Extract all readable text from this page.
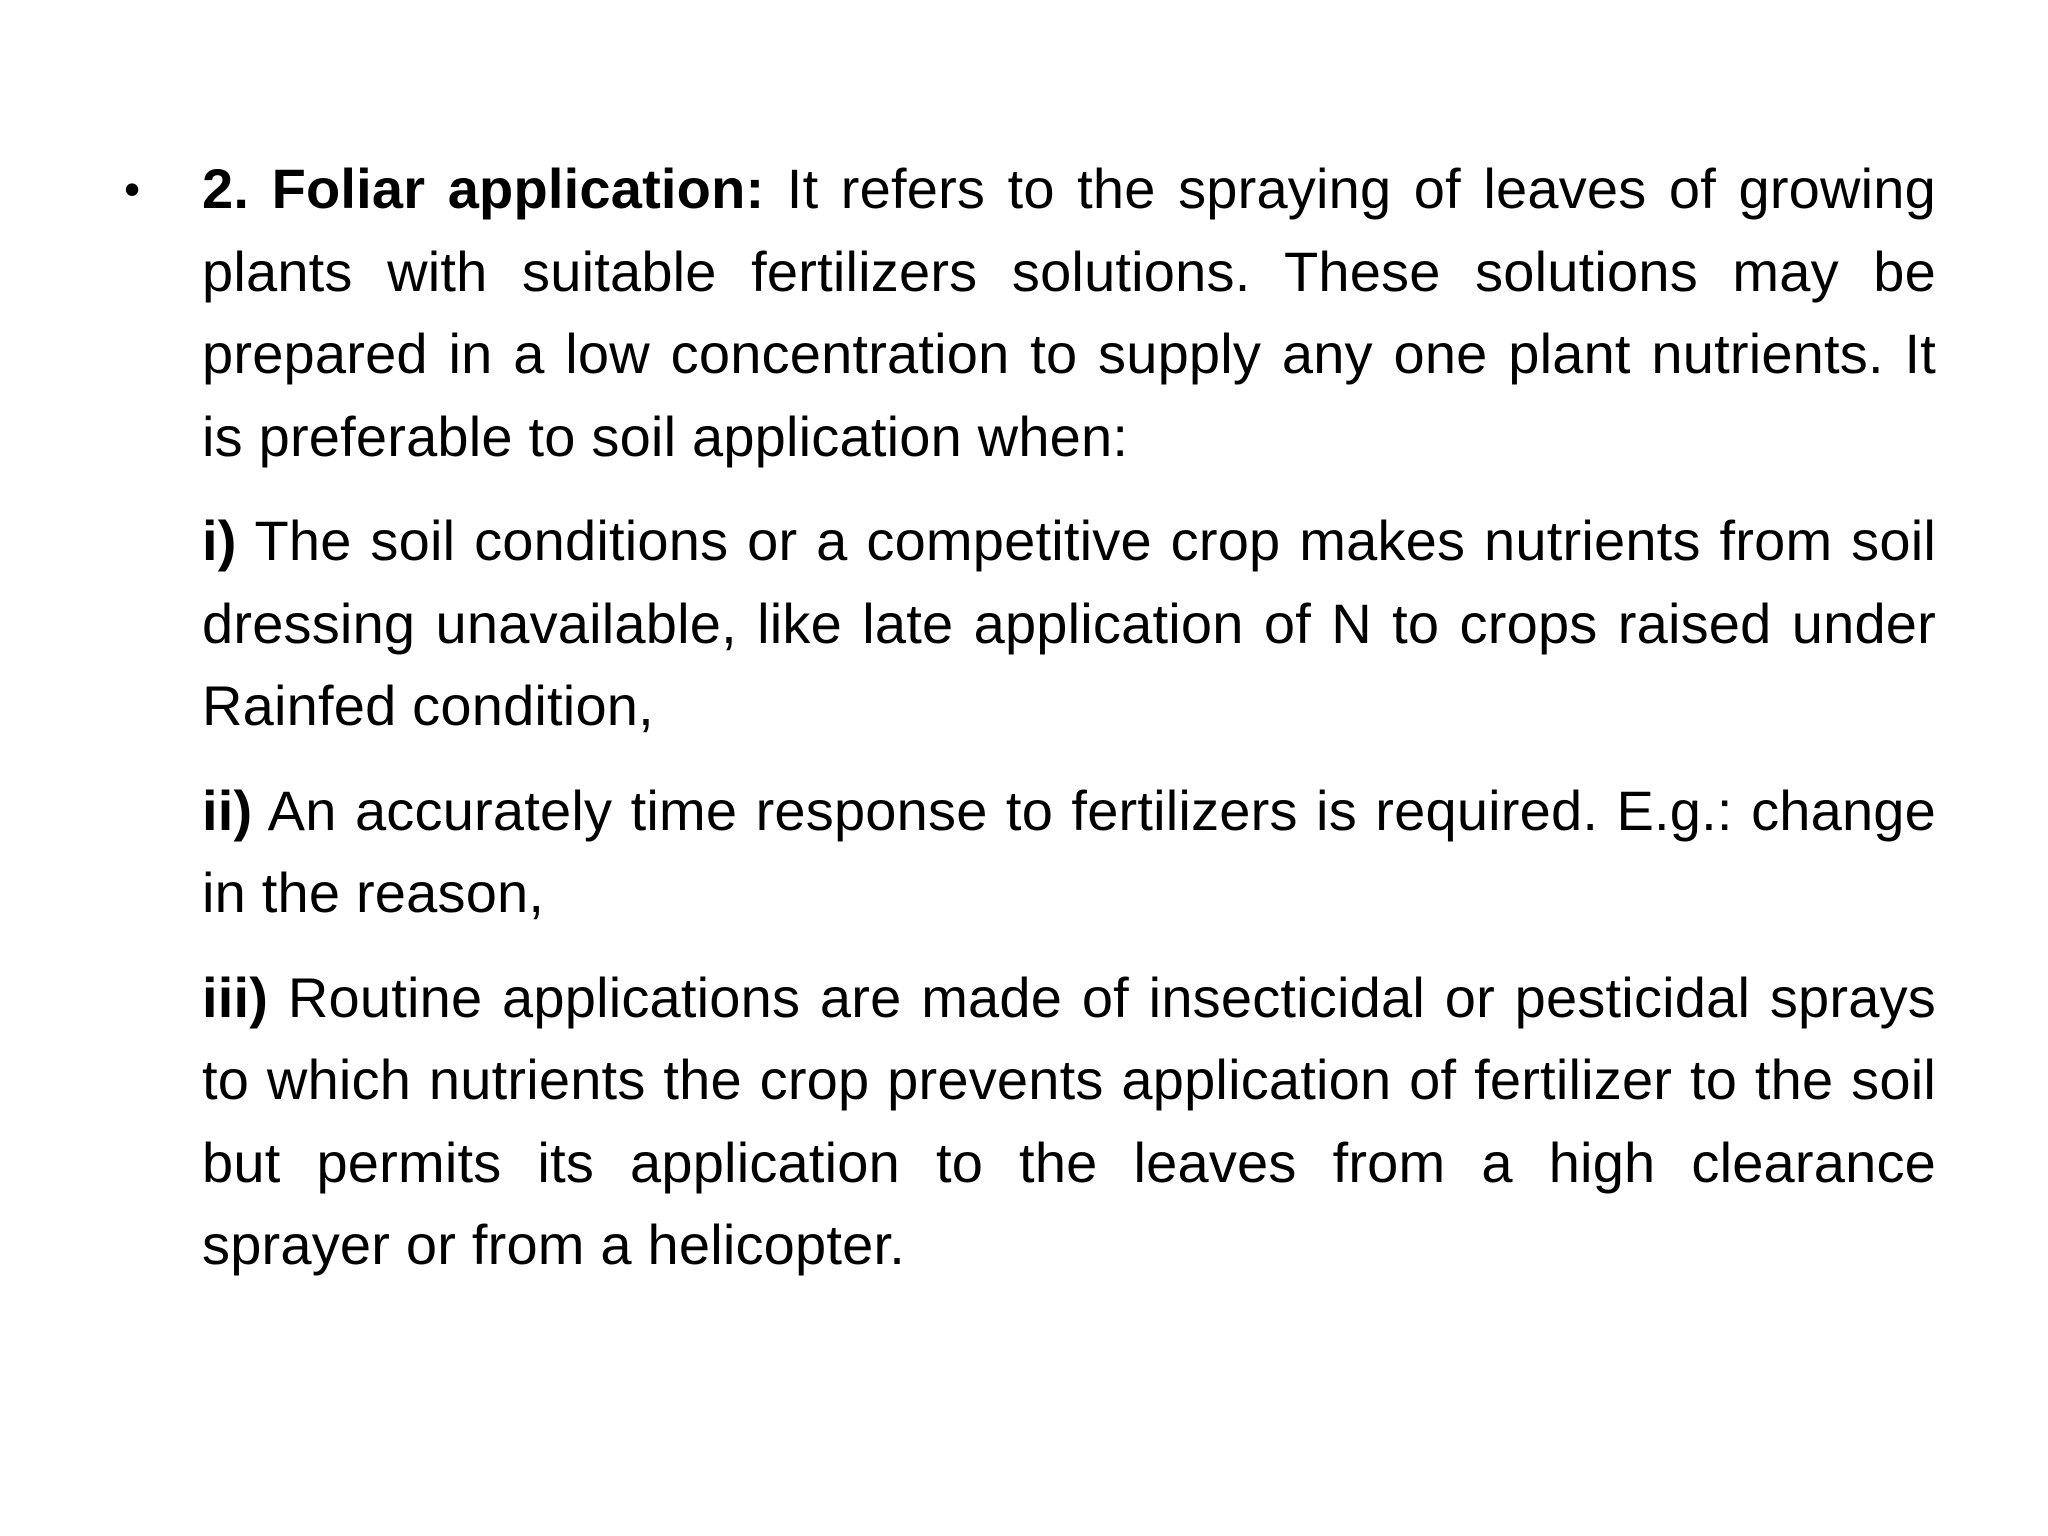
•	2. Foliar application: It refers to the spraying of leaves of growing plants with suitable fertilizers solutions. These solutions may be prepared in a low concentration to supply any one plant nutrients. It is preferable to soil application when:

i) The soil conditions or a competitive crop makes nutrients from soil dressing unavailable, like late application of N to crops raised under Rainfed condition,

ii) An accurately time response to fertilizers is required. E.g.: change in the reason,

iii) Routine applications are made of insecticidal or pesticidal sprays to which nutrients the crop prevents application of fertilizer to the soil but permits its application to the leaves from a high clearance sprayer or from a helicopter.
